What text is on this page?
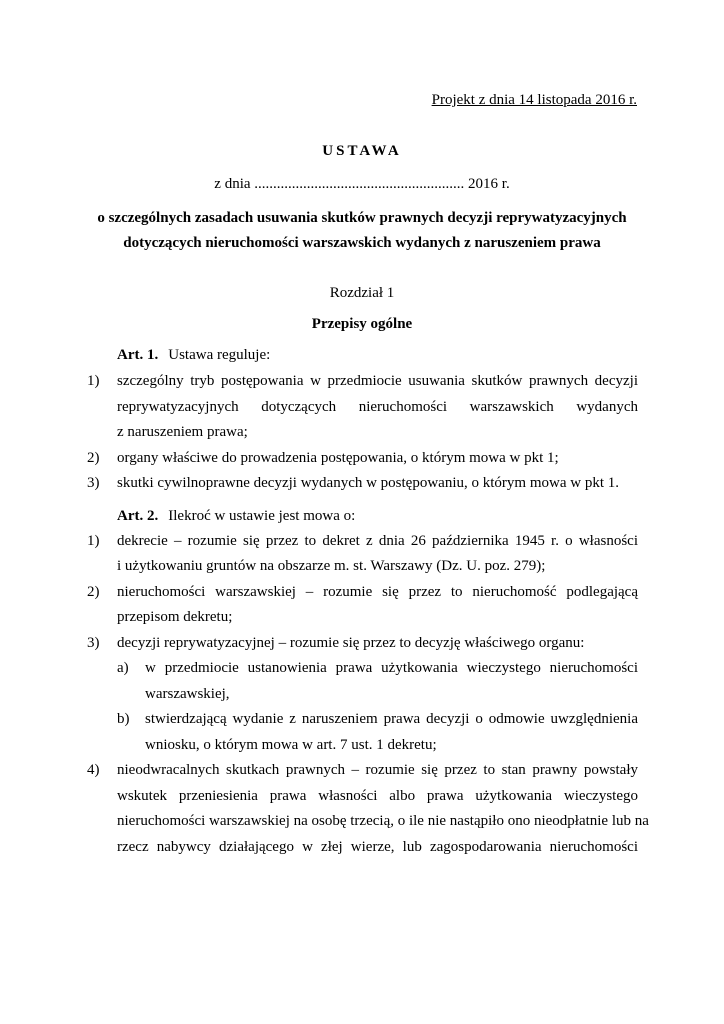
Projekt z dnia 14 listopada 2016 r.
USTAWA
z dnia ........................................................ 2016 r.
o szczególnych zasadach usuwania skutków prawnych decyzji reprywatyzacyjnych
dotyczących nieruchomości warszawskich wydanych z naruszeniem prawa
Rozdział 1
Przepisy ogólne
Art. 1. Ustawa reguluje:
1) szczególny tryb postępowania w przedmiocie usuwania skutków prawnych decyzji
reprywatyzacyjnych dotyczących nieruchomości warszawskich wydanych
z naruszeniem prawa;
2) organy właściwe do prowadzenia postępowania, o którym mowa w pkt 1;
3) skutki cywilnoprawne decyzji wydanych w postępowaniu, o którym mowa w pkt 1.
Art. 2. Ilekroć w ustawie jest mowa o:
1) dekrecie – rozumie się przez to dekret z dnia 26 października 1945 r. o własności
i użytkowaniu gruntów na obszarze m. st. Warszawy (Dz. U. poz. 279);
2) nieruchomości warszawskiej – rozumie się przez to nieruchomość podlegającą
przepisom dekretu;
3) decyzji reprywatyzacyjnej – rozumie się przez to decyzję właściwego organu:
a) w przedmiocie ustanowienia prawa użytkowania wieczystego nieruchomości
warszawskiej,
b) stwierdzającą wydanie z naruszeniem prawa decyzji o odmowie uwzględnienia
wniosku, o którym mowa w art. 7 ust. 1 dekretu;
4) nieodwracalnych skutkach prawnych – rozumie się przez to stan prawny powstały
wskutek przeniesienia prawa własności albo prawa użytkowania wieczystego
nieruchomości warszawskiej na osobę trzecią, o ile nie nastąpiło ono nieodpłatnie lub na
rzecz nabywcy działającego w złej wierze, lub zagospodarowania nieruchomości
